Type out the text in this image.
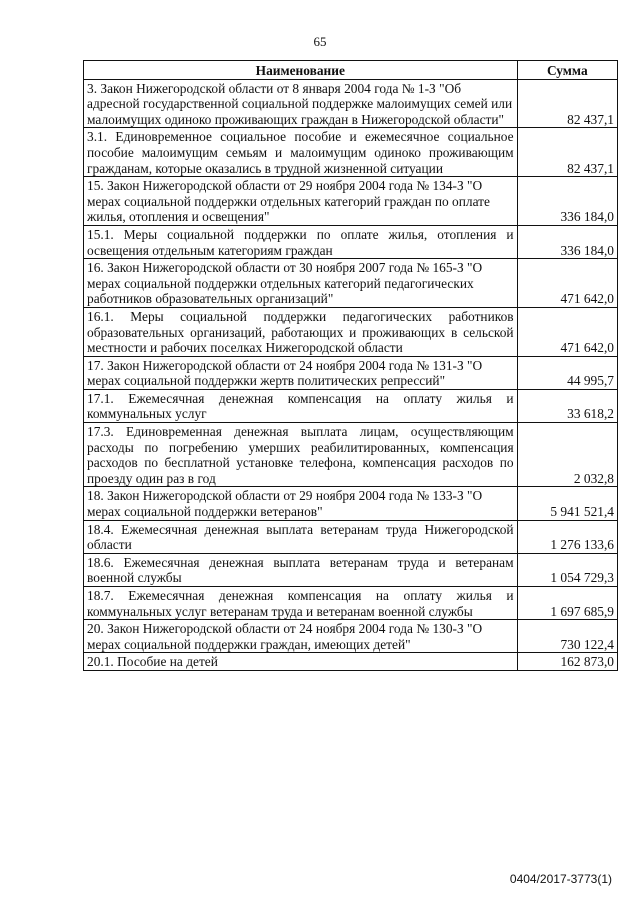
65
Наименование	Сумма
3. Закон Нижегородской области от 8 января 2004 года № 1-З "Об адресной государственной социальной поддержке малоимущих семей или малоимущих одиноко проживающих граждан в Нижегородской области"	82 437,1
3.1. Единовременное социальное пособие и ежемесячное социальное пособие малоимущим семьям и малоимущим одиноко проживающим гражданам, которые оказались в трудной жизненной ситуации	82 437,1
15. Закон Нижегородской области от 29 ноября 2004 года № 134-З "О мерах социальной поддержки отдельных категорий граждан по оплате жилья, отопления и освещения"	336 184,0
15.1. Меры социальной поддержки по оплате жилья, отопления и освещения отдельным категориям граждан	336 184,0
16. Закон Нижегородской области от 30 ноября 2007 года № 165-З "О мерах социальной поддержки отдельных категорий педагогических работников образовательных организаций"	471 642,0
16.1. Меры социальной поддержки педагогических работников образовательных организаций, работающих и проживающих в сельской местности и рабочих поселках Нижегородской области	471 642,0
17. Закон Нижегородской области от 24 ноября 2004 года № 131-З "О мерах социальной поддержки жертв политических репрессий"	44 995,7
17.1. Ежемесячная денежная компенсация на оплату жилья и коммунальных услуг	33 618,2
17.3. Единовременная денежная выплата лицам, осуществляющим расходы по погребению умерших реабилитированных, компенсация расходов по бесплатной установке телефона, компенсация расходов по проезду один раз в год	2 032,8
18. Закон Нижегородской области от 29 ноября 2004 года № 133-З "О мерах социальной поддержки ветеранов"	5 941 521,4
18.4. Ежемесячная денежная выплата ветеранам труда Нижегородской области	1 276 133,6
18.6. Ежемесячная денежная выплата ветеранам труда и ветеранам военной службы	1 054 729,3
18.7. Ежемесячная денежная компенсация на оплату жилья и коммунальных услуг ветеранам труда и ветеранам военной службы	1 697 685,9
20. Закон Нижегородской области от 24 ноября 2004 года № 130-З "О мерах социальной поддержки граждан, имеющих детей"	730 122,4
20.1. Пособие на детей	162 873,0
0404/2017-3773(1)
